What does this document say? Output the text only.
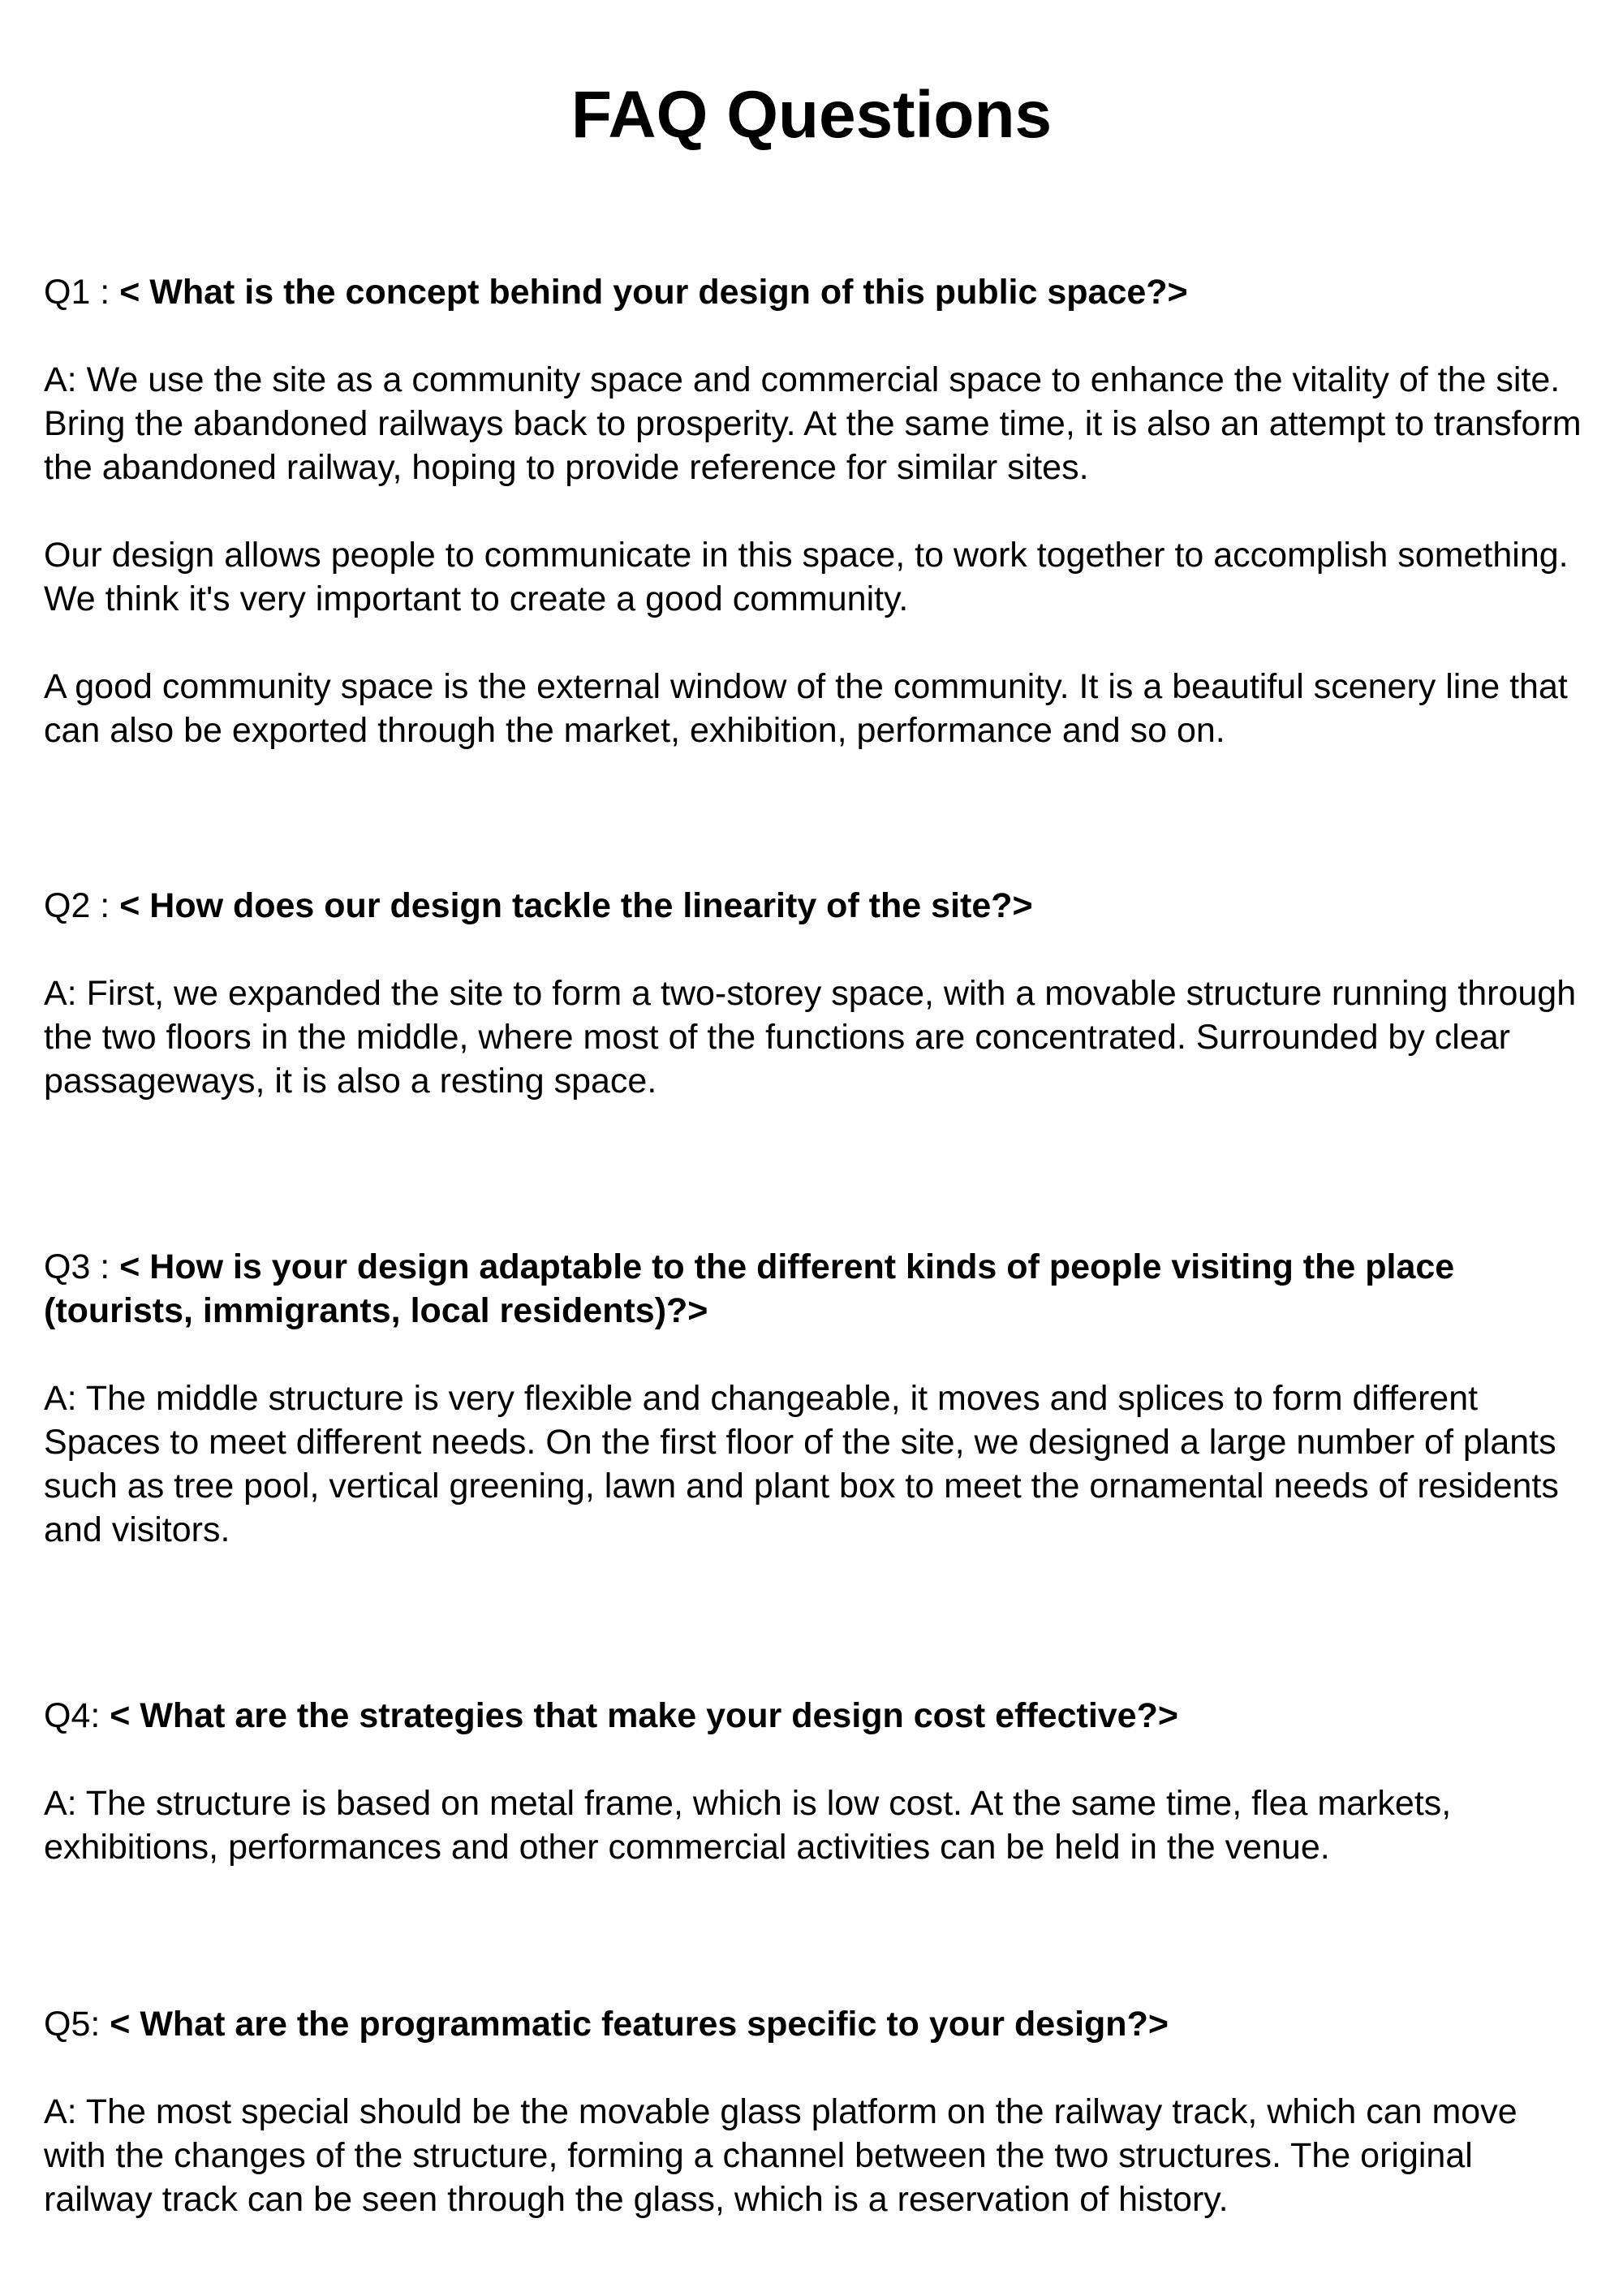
FAQ Questions

Q1 : < What is the concept behind your design of this public space?>

A: We use the site as a community space and commercial space to enhance the vitality of the site. Bring the abandoned railways back to prosperity. At the same time, it is also an attempt to transform the abandoned railway, hoping to provide reference for similar sites.

Our design allows people to communicate in this space, to work together to accomplish something. We think it's very important to create a good community.

A good community space is the external window of the community. It is a beautiful scenery line that can also be exported through the market, exhibition, performance and so on.

Q2 : < How does our design tackle the linearity of the site?>

A: First, we expanded the site to form a two-storey space, with a movable structure running through the two floors in the middle, where most of the functions are concentrated. Surrounded by clear passageways, it is also a resting space.

Q3 : < How is your design adaptable to the different kinds of people visiting the place (tourists, immigrants, local residents)?>

A: The middle structure is very flexible and changeable, it moves and splices to form different Spaces to meet different needs. On the first floor of the site, we designed a large number of plants such as tree pool, vertical greening, lawn and plant box to meet the ornamental needs of residents and visitors.

Q4: < What are the strategies that make your design cost effective?>

A: The structure is based on metal frame, which is low cost. At the same time, flea markets, exhibitions, performances and other commercial activities can be held in the venue.

Q5: < What are the programmatic features specific to your design?>

A: The most special should be the movable glass platform on the railway track, which can move with the changes of the structure, forming a channel between the two structures. The original railway track can be seen through the glass, which is a reservation of history.
